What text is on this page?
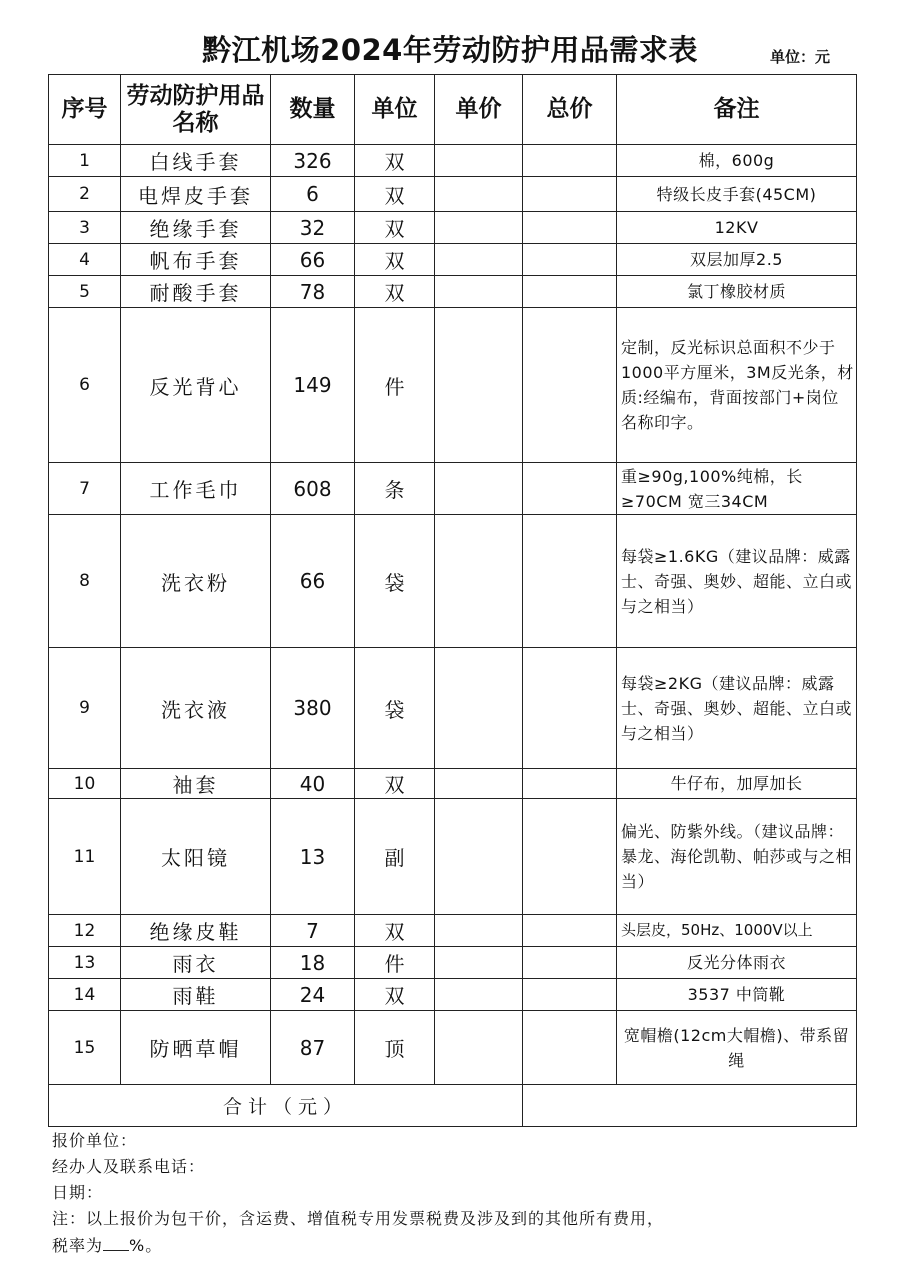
黔江机场2024年劳动防护用品需求表	单位：元
序号	劳动防护用品名称	数量	单位	单价	总价	备注
1	白线手套	326	双			棉，600g
2	电焊皮手套	6	双			特级长皮手套(45CM)
3	绝缘手套	32	双			12KV
4	帆布手套	66	双			双层加厚2.5
5	耐酸手套	78	双			氯丁橡胶材质
6	反光背心	149	件			定制，反光标识总面积不少于1000平方厘米，3M反光条，材质:经编布，背面按部门+岗位名称印字。
7	工作毛巾	608	条			重≥90g,100%纯棉，长≥70CM 宽三34CM
8	洗衣粉	66	袋			每袋≥1.6KG（建议品牌：威露士、奇强、奥妙、超能、立白或与之相当）
9	洗衣液	380	袋			每袋≥2KG（建议品牌：威露士、奇强、奥妙、超能、立白或与之相当）
10	袖套	40	双			牛仔布，加厚加长
11	太阳镜	13	副			偏光、防紫外线。（建议品牌：暴龙、海伦凯勒、帕莎或与之相当）
12	绝缘皮鞋	7	双			头层皮，50Hz、1000V以上
13	雨衣	18	件			反光分体雨衣
14	雨鞋	24	双			3537 中筒靴
15	防晒草帽	87	顶			宽帽檐(12cm大帽檐)、带系留绳
合计（元）						
报价单位：
经办人及联系电话：
日期：
注：以上报价为包干价，含运费、增值税专用发票税费及涉及到的其他所有费用，
税率为 %。
